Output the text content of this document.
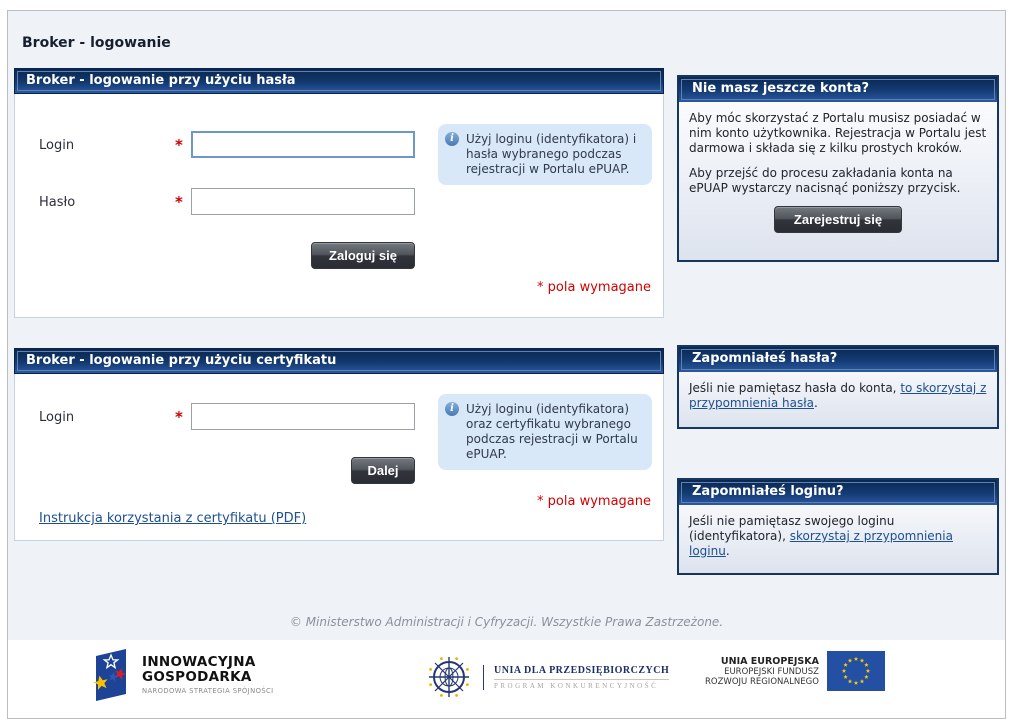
Broker - logowanie
Broker - logowanie przy użyciu hasła
Login	*
Hasło	*
Zaloguj się
i	Użyj loginu (identyfikatora) i hasła wybranego podczas rejestracji w Portalu ePUAP.
* pola wymagane
Broker - logowanie przy użyciu certyfikatu
Login	*
Dalej
i	Użyj loginu (identyfikatora) oraz certyfikatu wybranego podczas rejestracji w Portalu ePUAP.
* pola wymagane
Instrukcja korzystania z certyfikatu (PDF)
Nie masz jeszcze konta?

Aby móc skorzystać z Portalu musisz posiadać w nim konto użytkownika. Rejestracja w Portalu jest darmowa i składa się z kilku prostych kroków.

Aby przejść do procesu zakładania konta na ePUAP wystarczy nacisnąć poniższy przycisk.

Zarejestruj się
Zapomniałeś hasła?
Jeśli nie pamiętasz hasła do konta, to skorzystaj z przypomnienia hasła.
Zapomniałeś loginu?
Jeśli nie pamiętasz swojego loginu (identyfikatora), skorzystaj z przypomnienia loginu.
© Ministerstwo Administracji i Cyfryzacji. Wszystkie Prawa Zastrzeżone.
INNOWACYJNA
GOSPODARKA
NARODOWA STRATEGIA SPÓJNOŚCI
UNIA DLA PRZEDSIĘBIORCZYCH
PROGRAM KONKURENCYJNOŚĆ
UNIA EUROPEJSKA
EUROPEJSKI FUNDUSZ
ROZWOJU REGIONALNEGO
